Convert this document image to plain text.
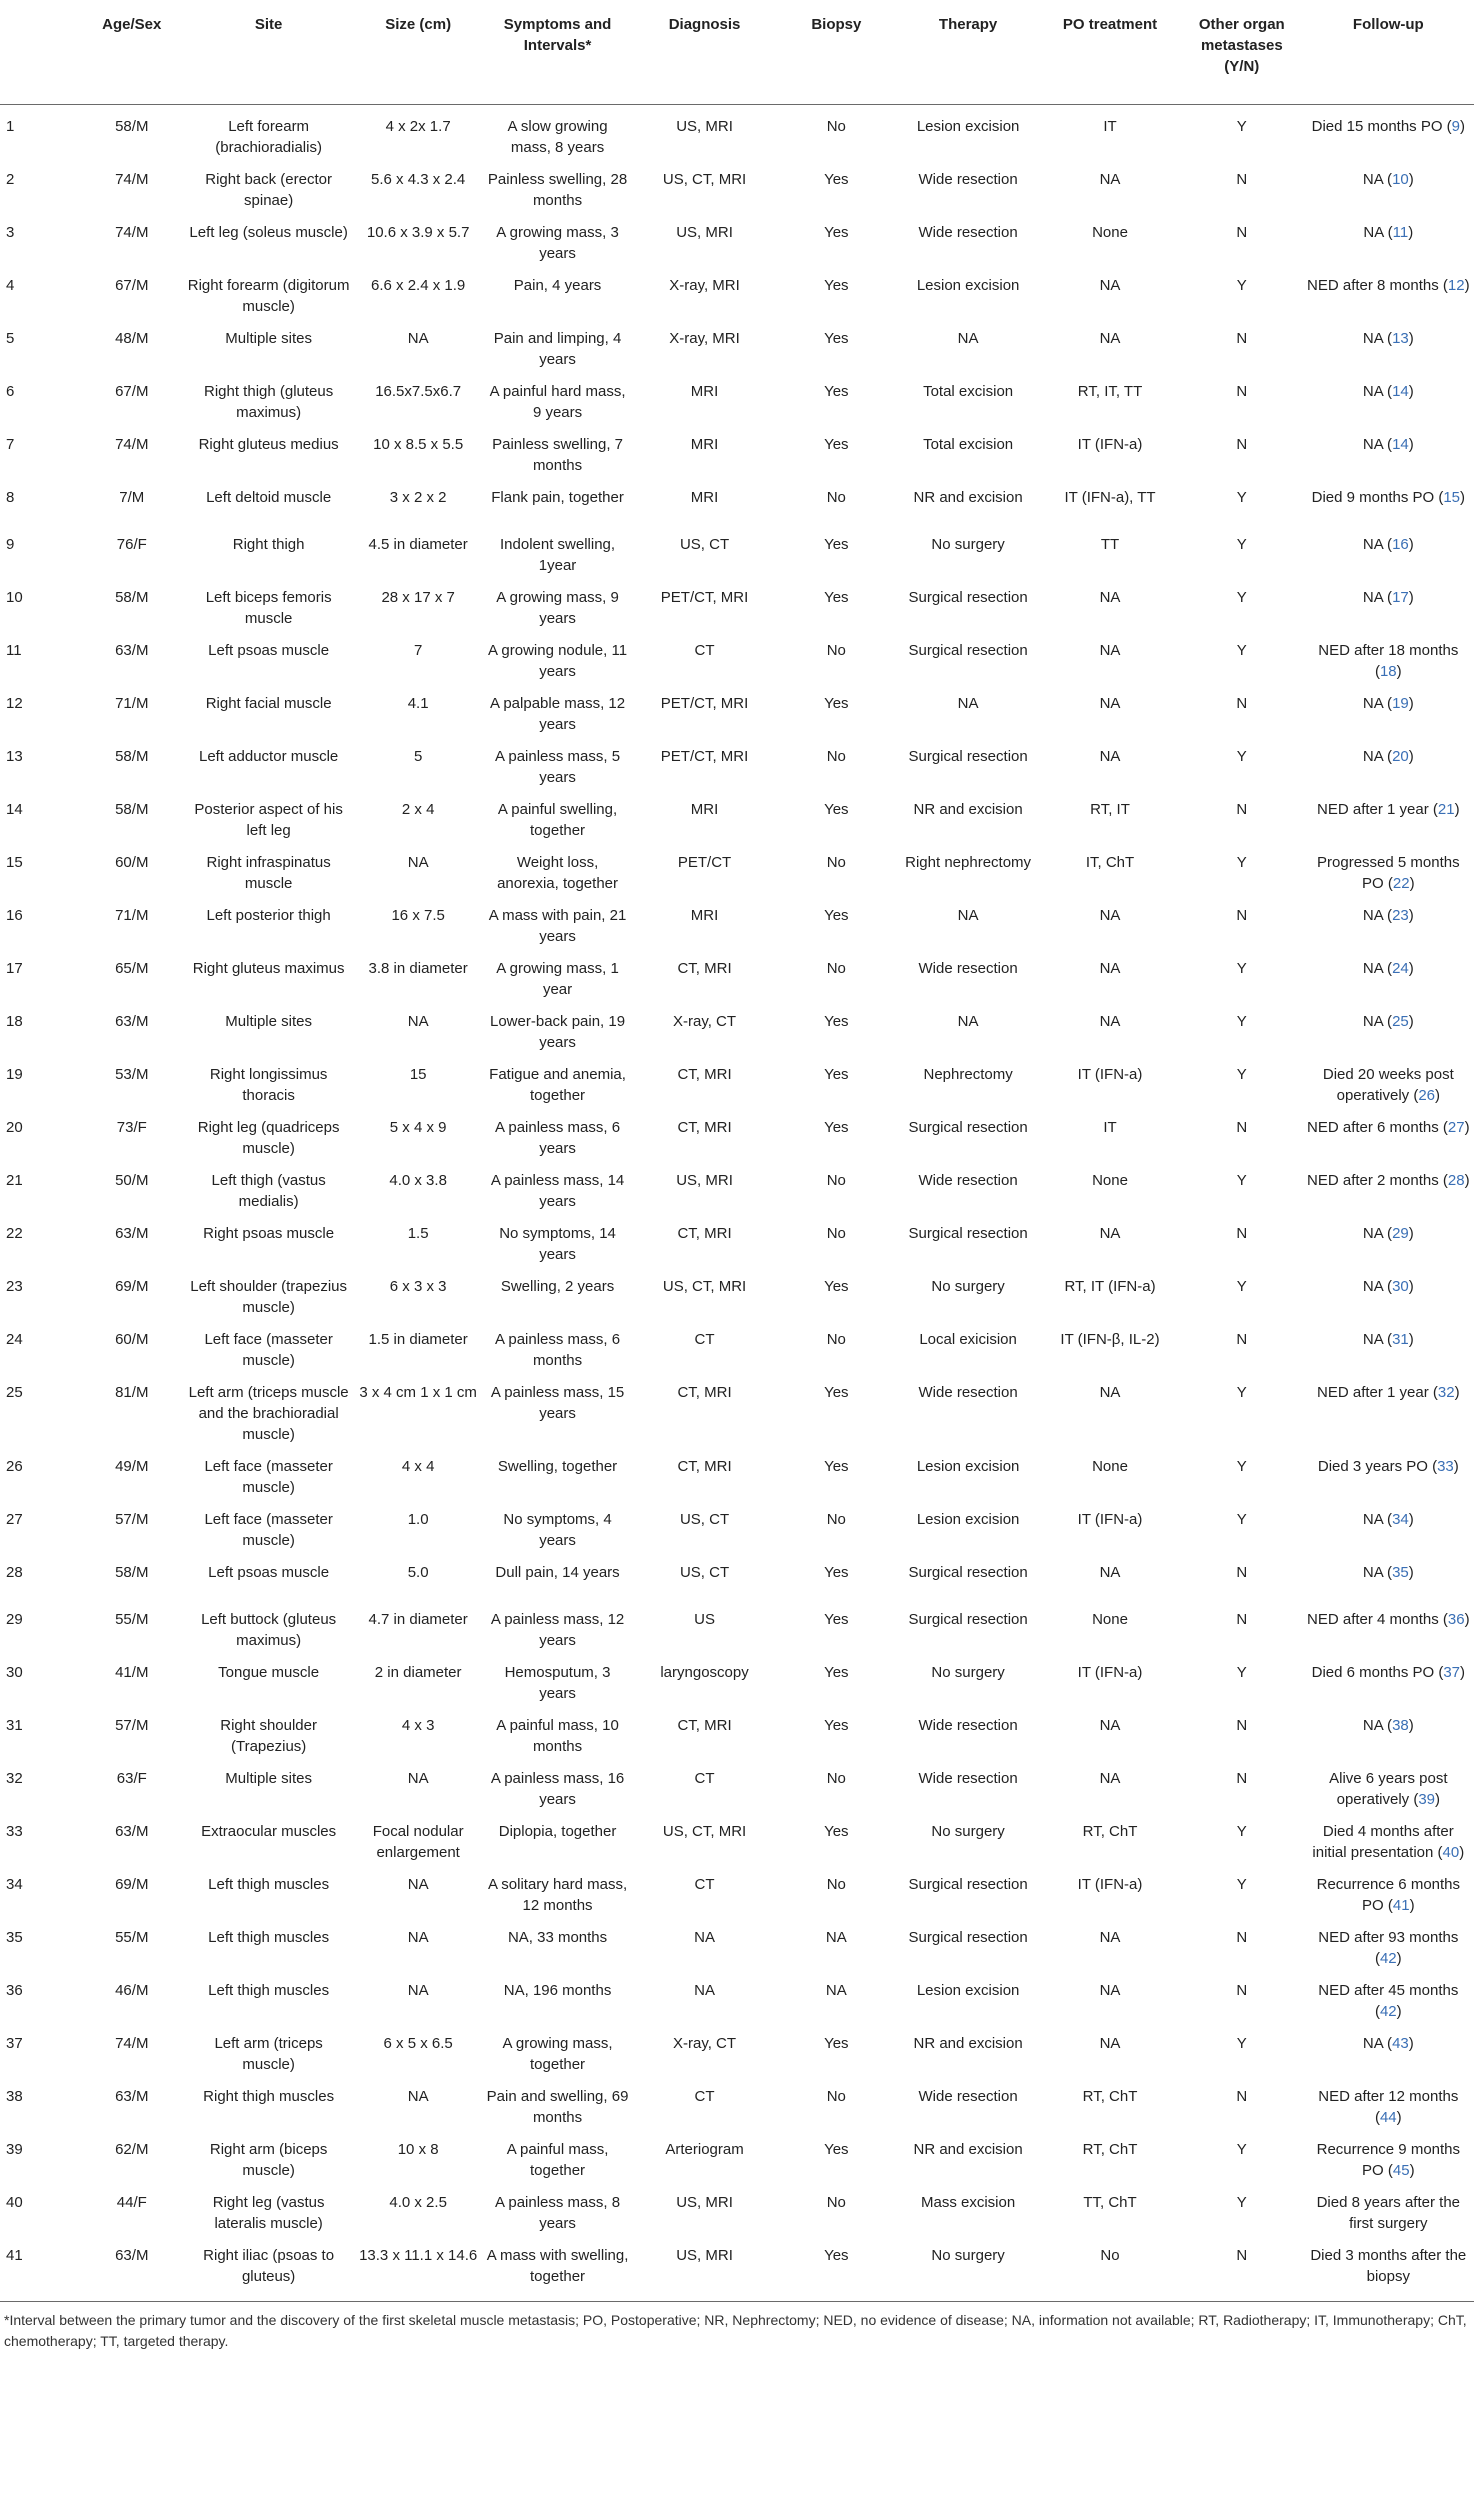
	Age/Sex	Site	Size (cm)	Symptoms and Intervals*	Diagnosis	Biopsy	Therapy	PO treatment	Other organ metastases (Y/N)	Follow-up
1	58/M	Left forearm (brachioradialis)	4 x 2x 1.7	A slow growing mass, 8 years	US, MRI	No	Lesion excision	IT	Y	Died 15 months PO (9)
2	74/M	Right back (erector spinae)	5.6 x 4.3 x 2.4	Painless swelling, 28 months	US, CT, MRI	Yes	Wide resection	NA	N	NA (10)
3	74/M	Left leg (soleus muscle)	10.6 x 3.9 x 5.7	A growing mass, 3 years	US, MRI	Yes	Wide resection	None	N	NA (11)
4	67/M	Right forearm (digitorum muscle)	6.6 x 2.4 x 1.9	Pain, 4 years	X-ray, MRI	Yes	Lesion excision	NA	Y	NED after 8 months (12)
5	48/M	Multiple sites	NA	Pain and limping, 4 years	X-ray, MRI	Yes	NA	NA	N	NA (13)
6	67/M	Right thigh (gluteus maximus)	16.5x7.5x6.7	A painful hard mass, 9 years	MRI	Yes	Total excision	RT, IT, TT	N	NA (14)
7	74/M	Right gluteus medius	10 x 8.5 x 5.5	Painless swelling, 7 months	MRI	Yes	Total excision	IT (IFN-a)	N	NA (14)
8	7/M	Left deltoid muscle	3 x 2 x 2	Flank pain, together	MRI	No	NR and excision	IT (IFN-a), TT	Y	Died 9 months PO (15)
9	76/F	Right thigh	4.5 in diameter	Indolent swelling, 1year	US, CT	Yes	No surgery	TT	Y	NA (16)
10	58/M	Left biceps femoris muscle	28 x 17 x 7	A growing mass, 9 years	PET/CT, MRI	Yes	Surgical resection	NA	Y	NA (17)
11	63/M	Left psoas muscle	7	A growing nodule, 11 years	CT	No	Surgical resection	NA	Y	NED after 18 months (18)
12	71/M	Right facial muscle	4.1	A palpable mass, 12 years	PET/CT, MRI	Yes	NA	NA	N	NA (19)
13	58/M	Left adductor muscle	5	A painless mass, 5 years	PET/CT, MRI	No	Surgical resection	NA	Y	NA (20)
14	58/M	Posterior aspect of his left leg	2 x 4	A painful swelling, together	MRI	Yes	NR and excision	RT, IT	N	NED after 1 year (21)
15	60/M	Right infraspinatus muscle	NA	Weight loss, anorexia, together	PET/CT	No	Right nephrectomy	IT, ChT	Y	Progressed 5 months PO (22)
16	71/M	Left posterior thigh	16 x 7.5	A mass with pain, 21 years	MRI	Yes	NA	NA	N	NA (23)
17	65/M	Right gluteus maximus	3.8 in diameter	A growing mass, 1 year	CT, MRI	No	Wide resection	NA	Y	NA (24)
18	63/M	Multiple sites	NA	Lower-back pain, 19 years	X-ray, CT	Yes	NA	NA	Y	NA (25)
19	53/M	Right longissimus thoracis	15	Fatigue and anemia, together	CT, MRI	Yes	Nephrectomy	IT (IFN-a)	Y	Died 20 weeks post operatively (26)
20	73/F	Right leg (quadriceps muscle)	5 x 4 x 9	A painless mass, 6 years	CT, MRI	Yes	Surgical resection	IT	N	NED after 6 months (27)
21	50/M	Left thigh (vastus medialis)	4.0 x 3.8	A painless mass, 14 years	US, MRI	No	Wide resection	None	Y	NED after 2 months (28)
22	63/M	Right psoas muscle	1.5	No symptoms, 14 years	CT, MRI	No	Surgical resection	NA	N	NA (29)
23	69/M	Left shoulder (trapezius muscle)	6 x 3 x 3	Swelling, 2 years	US, CT, MRI	Yes	No surgery	RT, IT (IFN-a)	Y	NA (30)
24	60/M	Left face (masseter muscle)	1.5 in diameter	A painless mass, 6 months	CT	No	Local exicision	IT (IFN-β, IL-2)	N	NA (31)
25	81/M	Left arm (triceps muscle and the brachioradial muscle)	3 x 4 cm 1 x 1 cm	A painless mass, 15 years	CT, MRI	Yes	Wide resection	NA	Y	NED after 1 year (32)
26	49/M	Left face (masseter muscle)	4 x 4	Swelling, together	CT, MRI	Yes	Lesion excision	None	Y	Died 3 years PO (33)
27	57/M	Left face (masseter muscle)	1.0	No symptoms, 4 years	US, CT	No	Lesion excision	IT (IFN-a)	Y	NA (34)
28	58/M	Left psoas muscle	5.0	Dull pain, 14 years	US, CT	Yes	Surgical resection	NA	N	NA (35)
29	55/M	Left buttock (gluteus maximus)	4.7 in diameter	A painless mass, 12 years	US	Yes	Surgical resection	None	N	NED after 4 months (36)
30	41/M	Tongue muscle	2 in diameter	Hemosputum, 3 years	laryngoscopy	Yes	No surgery	IT (IFN-a)	Y	Died 6 months PO (37)
31	57/M	Right shoulder (Trapezius)	4 x 3	A painful mass, 10 months	CT, MRI	Yes	Wide resection	NA	N	NA (38)
32	63/F	Multiple sites	NA	A painless mass, 16 years	CT	No	Wide resection	NA	N	Alive 6 years post operatively (39)
33	63/M	Extraocular muscles	Focal nodular enlargement	Diplopia, together	US, CT, MRI	Yes	No surgery	RT, ChT	Y	Died 4 months after initial presentation (40)
34	69/M	Left thigh muscles	NA	A solitary hard mass, 12 months	CT	No	Surgical resection	IT (IFN-a)	Y	Recurrence 6 months PO (41)
35	55/M	Left thigh muscles	NA	NA, 33 months	NA	NA	Surgical resection	NA	N	NED after 93 months (42)
36	46/M	Left thigh muscles	NA	NA, 196 months	NA	NA	Lesion excision	NA	N	NED after 45 months (42)
37	74/M	Left arm (triceps muscle)	6 x 5 x 6.5	A growing mass, together	X-ray, CT	Yes	NR and excision	NA	Y	NA (43)
38	63/M	Right thigh muscles	NA	Pain and swelling, 69 months	CT	No	Wide resection	RT, ChT	N	NED after 12 months (44)
39	62/M	Right arm (biceps muscle)	10 x 8	A painful mass, together	Arteriogram	Yes	NR and excision	RT, ChT	Y	Recurrence 9 months PO (45)
40	44/F	Right leg (vastus lateralis muscle)	4.0 x 2.5	A painless mass, 8 years	US, MRI	No	Mass excision	TT, ChT	Y	Died 8 years after the first surgery
41	63/M	Right iliac (psoas to gluteus)	13.3 x 11.1 x 14.6	A mass with swelling, together	US, MRI	Yes	No surgery	No	N	Died 3 months after the biopsy
*Interval between the primary tumor and the discovery of the first skeletal muscle metastasis; PO, Postoperative; NR, Nephrectomy; NED, no evidence of disease; NA, information not available; RT, Radiotherapy; IT, Immunotherapy; ChT, chemotherapy; TT, targeted therapy.
